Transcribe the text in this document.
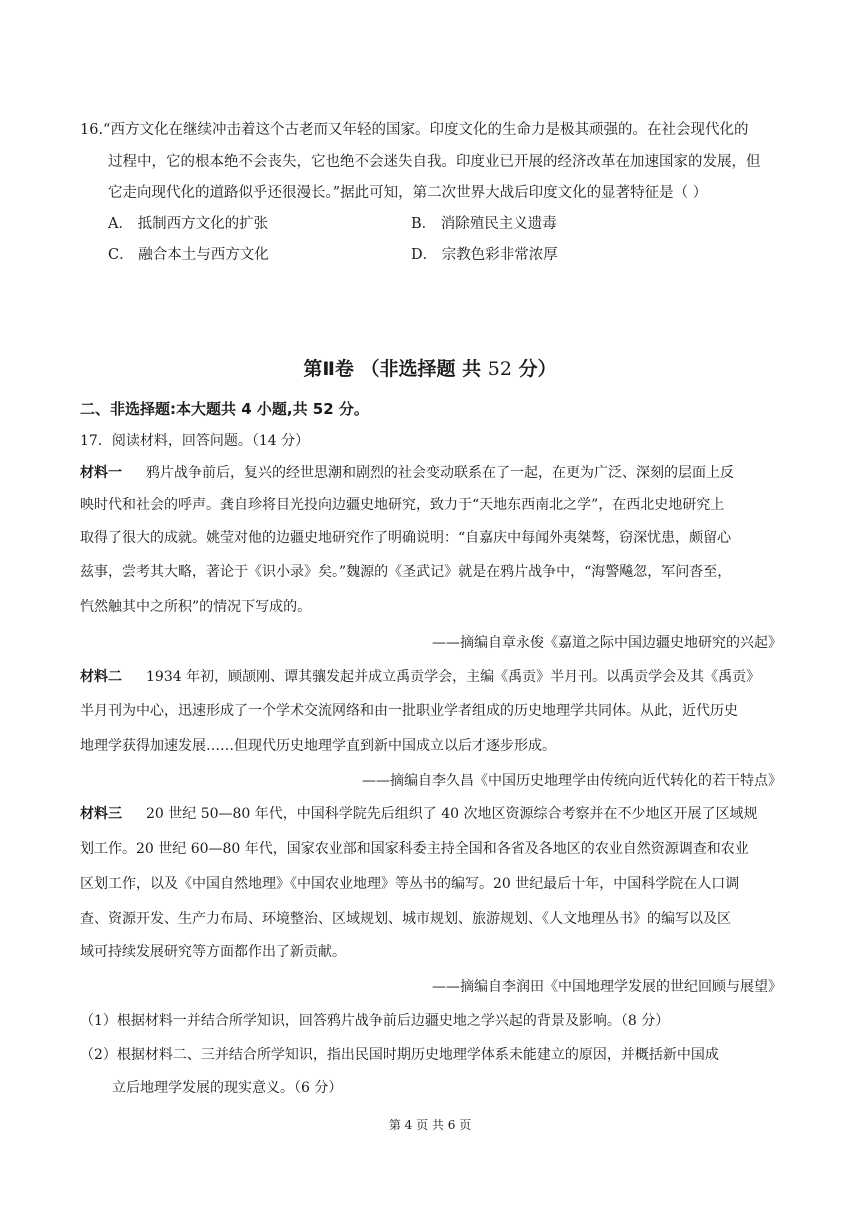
16.“西方文化在继续冲击着这个古老而又年轻的国家。印度文化的生命力是极其顽强的。在社会现代化的
过程中，它的根本绝不会丧失，它也绝不会迷失自我。印度业已开展的经济改革在加速国家的发展，但
它走向现代化的道路似乎还很漫长。”据此可知，第二次世界大战后印度文化的显著特征是（ ）
A． 抵制西方文化的扩张	B． 消除殖民主义遗毒
C． 融合本土与西方文化	D． 宗教色彩非常浓厚
第Ⅱ卷 （非选择题 共 52 分）
二、非选择题:本大题共 4 小题,共 52 分。
17．阅读材料，回答问题。（14 分）
材料一 鸦片战争前后，复兴的经世思潮和剧烈的社会变动联系在了一起，在更为广泛、深刻的层面上反
映时代和社会的呼声。龚自珍将目光投向边疆史地研究，致力于“天地东西南北之学”，在西北史地研究上
取得了很大的成就。姚莹对他的边疆史地研究作了明确说明：“自嘉庆中每闻外夷桀骜，窃深忧患，颇留心
兹事，尝考其大略，著论于《识小录》矣。”魏源的《圣武记》就是在鸦片战争中，“海警飚忽，军问沓至，
忾然触其中之所积”的情况下写成的。
——摘编自章永俊《嘉道之际中国边疆史地研究的兴起》
材料二 1934 年初，顾颉刚、谭其骧发起并成立禹贡学会，主编《禹贡》半月刊。以禹贡学会及其《禹贡》
半月刊为中心，迅速形成了一个学术交流网络和由一批职业学者组成的历史地理学共同体。从此，近代历史
地理学获得加速发展……但现代历史地理学直到新中国成立以后才逐步形成。
——摘编自李久昌《中国历史地理学由传统向近代转化的若干特点》
材料三 20 世纪 50—80 年代，中国科学院先后组织了 40 次地区资源综合考察并在不少地区开展了区域规
划工作。20 世纪 60—80 年代，国家农业部和国家科委主持全国和各省及各地区的农业自然资源调查和农业
区划工作，以及《中国自然地理》《中国农业地理》等丛书的编写。20 世纪最后十年，中国科学院在人口调
查、资源开发、生产力布局、环境整治、区域规划、城市规划、旅游规划、《人文地理丛书》的编写以及区
域可持续发展研究等方面都作出了新贡献。
——摘编自李润田《中国地理学发展的世纪回顾与展望》
（1）根据材料一并结合所学知识，回答鸦片战争前后边疆史地之学兴起的背景及影响。（8 分）
（2）根据材料二、三并结合所学知识，指出民国时期历史地理学体系未能建立的原因，并概括新中国成
立后地理学发展的现实意义。（6 分）
第 4 页 共 6 页
